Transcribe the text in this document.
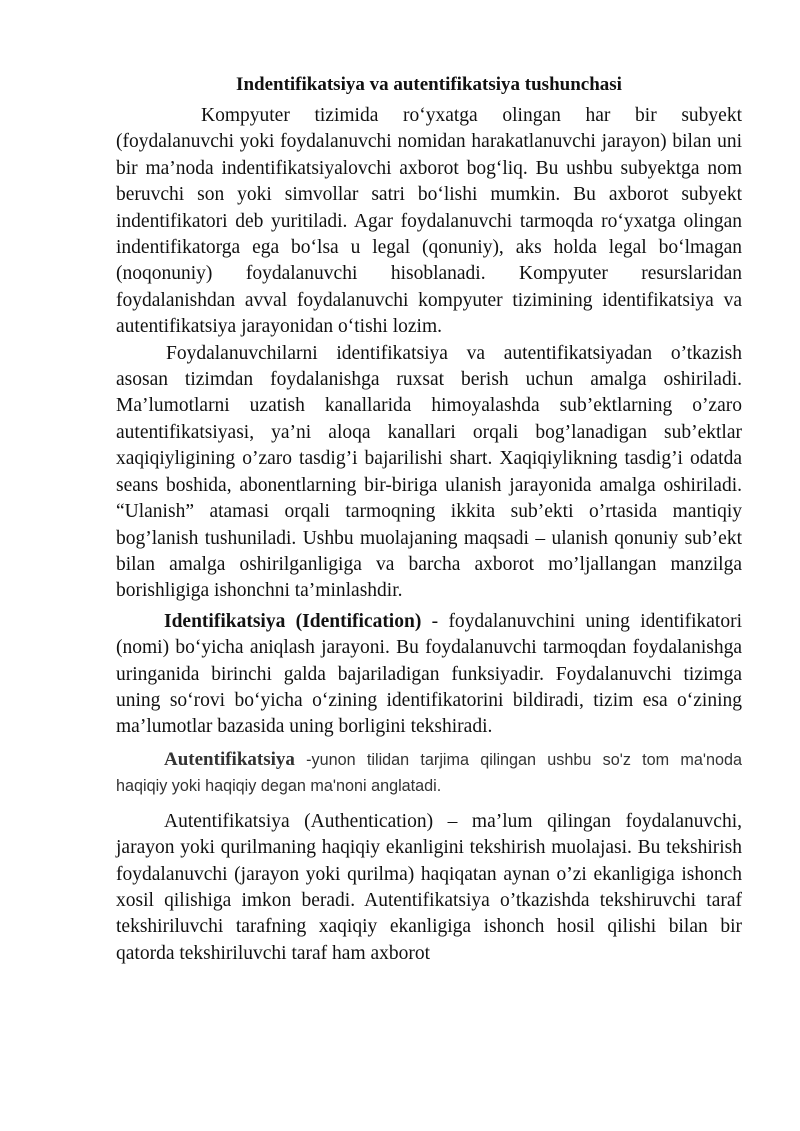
Indentifikatsiya va autentifikatsiya tushunchasi

Kompyuter tizimida ro‘yxatga olingan har bir subyekt (foydalanuvchi yoki foydalanuvchi nomidan harakatlanuvchi jarayon) bilan uni bir ma’noda indentifikatsiyalovchi axborot bog‘liq. Bu ushbu subyektga nom beruvchi son yoki simvollar satri bo‘lishi mumkin. Bu axborot subyekt indentifikatori deb yuritiladi. Agar foydalanuvchi tarmoqda ro‘yxatga olingan indentifikatorga ega bo‘lsa u legal (qonuniy), aks holda legal bo‘lmagan (noqonuniy) foydalanuvchi hisoblanadi. Kompyuter resurslaridan foydalanishdan avval foydalanuvchi kompyuter tizimining identifikatsiya va autentifikatsiya jarayonidan o‘tishi lozim.

Foydalanuvchilarni identifikatsiya va autentifikatsiyadan o’tkazish asosan tizimdan foydalanishga ruxsat berish uchun amalga oshiriladi. Ma’lumotlarni uzatish kanallarida himoyalashda sub’ektlarning o’zaro autentifikatsiyasi, ya’ni aloqa kanallari orqali bog’lanadigan sub’ektlar xaqiqiyligining o’zaro tasdig’i bajarilishi shart. Xaqiqiylikning tasdig’i odatda seans boshida, abonentlarning bir-biriga ulanish jarayonida amalga oshiriladi. “Ulanish” atamasi orqali tarmoqning ikkita sub’ekti o’rtasida mantiqiy bog’lanish tushuniladi. Ushbu muolajaning maqsadi – ulanish qonuniy sub’ekt bilan amalga oshirilganligiga va barcha axborot mo’ljallangan manzilga borishligiga ishonchni ta’minlashdir.

Identifikatsiya (Identification) - foydalanuvchini uning identifikatori (nomi) bo‘yicha aniqlash jarayoni. Bu foydalanuvchi tarmoqdan foydalanishga uringanida birinchi galda bajariladigan funksiyadir. Foydalanuvchi tizimga uning so‘rovi bo‘yicha o‘zining identifikatorini bildiradi, tizim esa o‘zining ma’lumotlar bazasida uning borligini tekshiradi.

Autentifikatsiya -yunon tilidan tarjima qilingan ushbu so'z tom ma'noda haqiqiy yoki haqiqiy degan ma'noni anglatadi.

Autentifikatsiya (Authentication) – ma’lum qilingan foydalanuvchi, jarayon yoki qurilmaning haqiqiy ekanligini tekshirish muolajasi. Bu tekshirish foydalanuvchi (jarayon yoki qurilma) haqiqatan aynan o’zi ekanligiga ishonch xosil qilishiga imkon beradi. Autentifikatsiya o’tkazishda tekshiruvchi taraf tekshiriluvchi tarafning xaqiqiy ekanligiga ishonch hosil qilishi bilan bir qatorda tekshiriluvchi taraf ham axborot
